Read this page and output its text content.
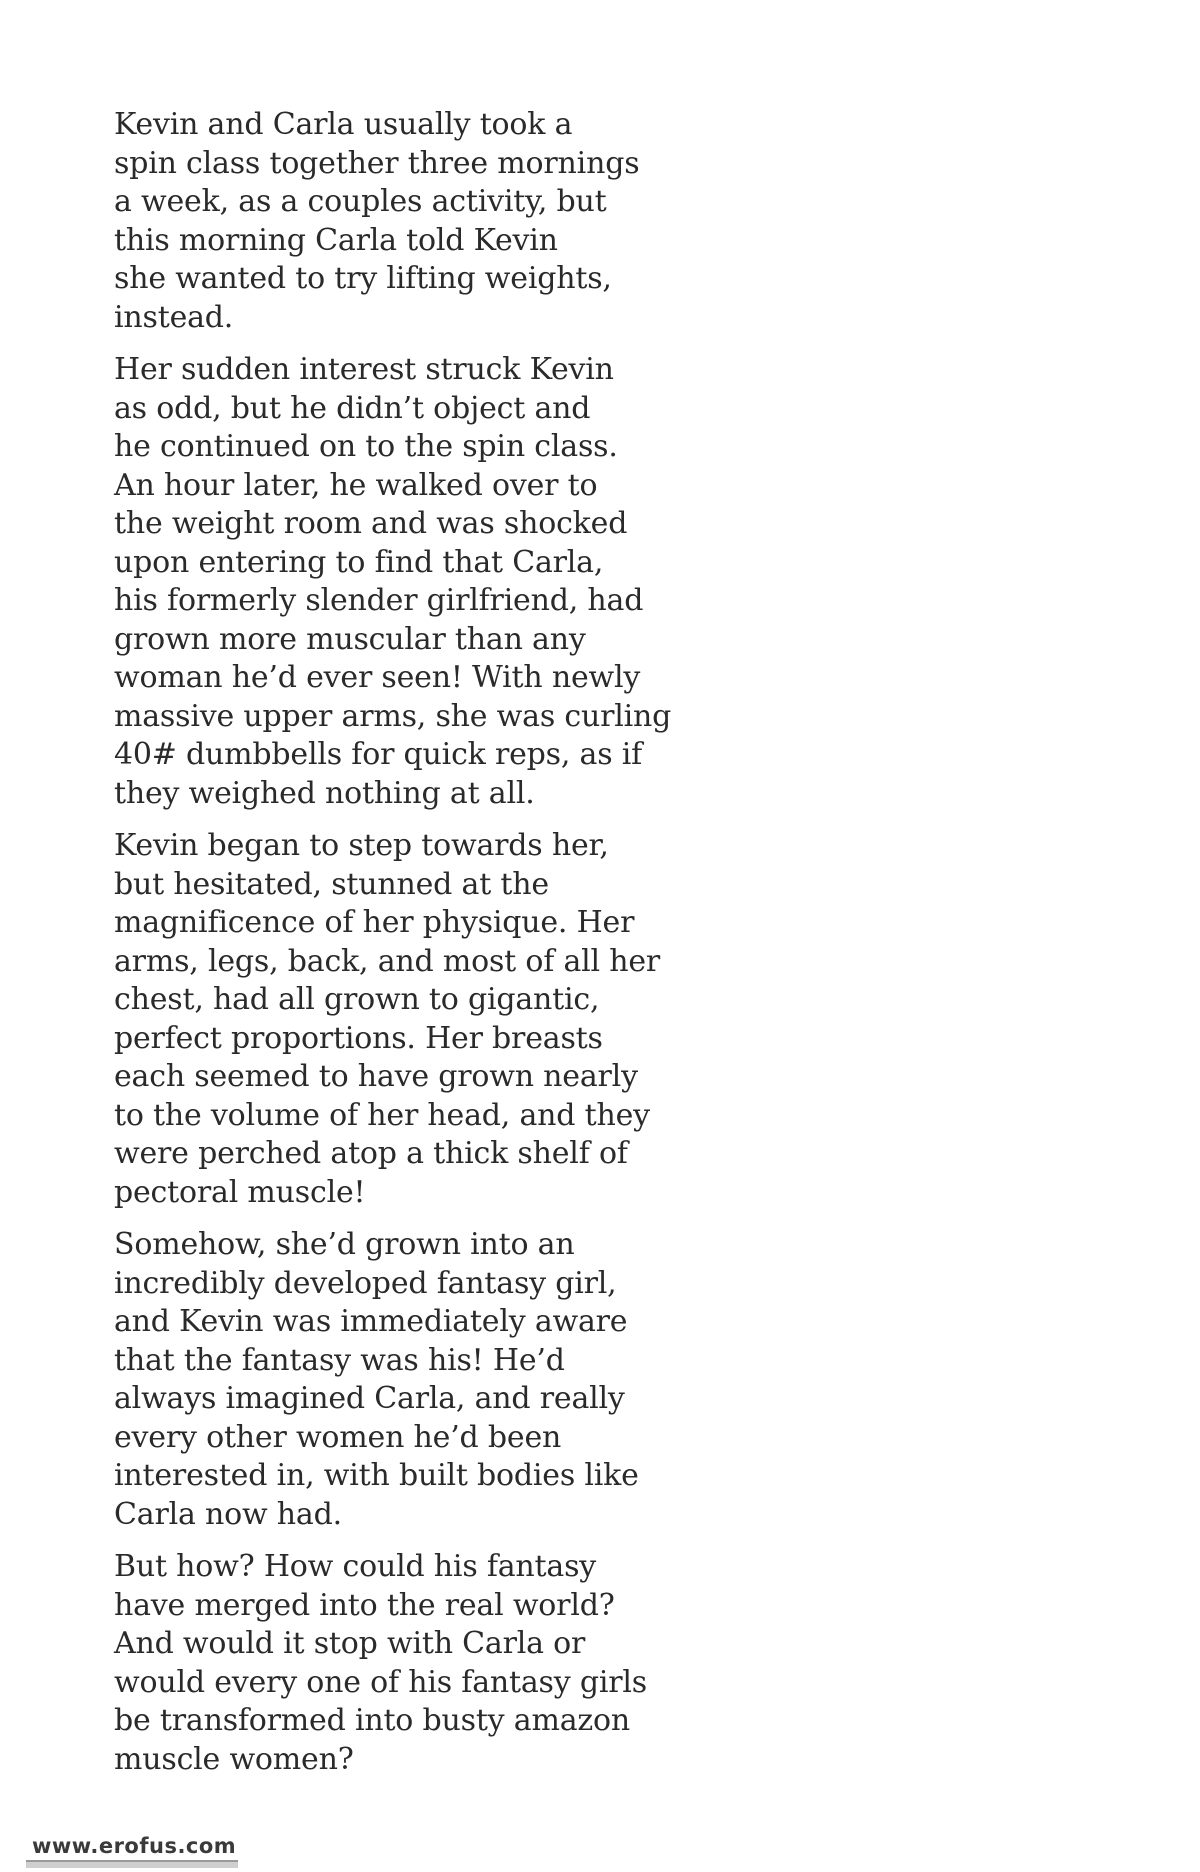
Kevin and Carla usually took a
spin class together three mornings
a week, as a couples activity, but
this morning Carla told Kevin
she wanted to try lifting weights,
instead.

Her sudden interest struck Kevin
as odd, but he didn’t object and
he continued on to the spin class.
An hour later, he walked over to
the weight room and was shocked
upon entering to find that Carla,
his formerly slender girlfriend, had
grown more muscular than any
woman he’d ever seen! With newly
massive upper arms, she was curling
40# dumbbells for quick reps, as if
they weighed nothing at all.

Kevin began to step towards her,
but hesitated, stunned at the
magnificence of her physique. Her
arms, legs, back, and most of all her
chest, had all grown to gigantic,
perfect proportions. Her breasts
each seemed to have grown nearly
to the volume of her head, and they
were perched atop a thick shelf of
pectoral muscle!

Somehow, she’d grown into an
incredibly developed fantasy girl,
and Kevin was immediately aware
that the fantasy was his! He’d
always imagined Carla, and really
every other women he’d been
interested in, with built bodies like
Carla now had.

But how? How could his fantasy
have merged into the real world?
And would it stop with Carla or
would every one of his fantasy girls
be transformed into busty amazon
muscle women?

www.erofus.com
